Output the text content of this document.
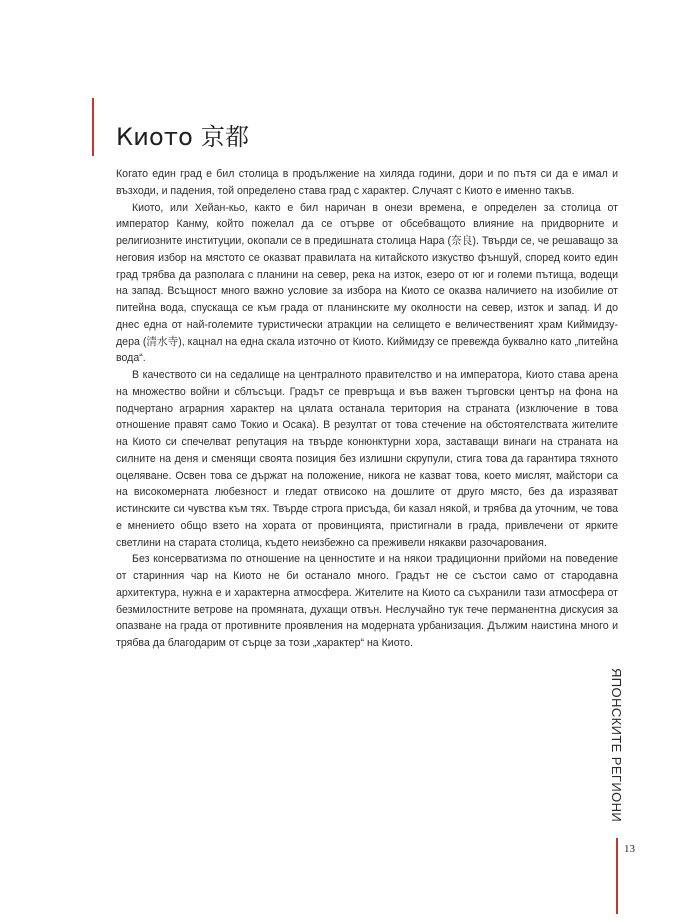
Киото 京都

Когато един град е бил столица в продължение на хиляда години, дори и по пътя си да е имал и възходи, и падения, той определено става град с характер. Случаят с Киото е именно такъв.

Киото, или Хейан-кьо, както е бил наричан в онези времена, е определен за столица от император Канму, който пожелал да се отърве от обсебващото влияние на придворните и религиозните институции, окопали се в предишната столица Нара (奈良). Твърди се, че решаващо за неговия избор на мястото се оказват правилата на китайското изкуство фъншуй, според които един град трябва да разполага с планини на север, река на изток, езеро от юг и големи пътища, водещи на запад. Всъщност много важно условие за избора на Киото се оказва наличието на изобилие от питейна вода, спускаща се към града от планинските му околности на север, изток и запад. И до днес една от най-големите туристически атракции на селището е величественият храм Киймидзу-дера (清水寺), кацнал на една скала източно от Киото. Киймидзу се превежда буквално като „питейна вода“.

В качеството си на седалище на централното правителство и на императора, Киото става арена на множество войни и сблъсъци. Градът се превръща и във важен търговски център на фона на подчертано аграрния характер на цялата останала територия на страната (изключение в това отношение правят само Токио и Осака). В резултат от това стечение на обстоятелствата жителите на Киото си спечелват репутация на твърде конюнктурни хора, заставащи винаги на страната на силните на деня и сменящи своята позиция без излишни скрупули, стига това да гарантира тяхното оцеляване. Освен това се държат на положение, никога не казват това, което мислят, майстори са на високомерната любезност и гледат отвисоко на дошлите от друго място, без да изразяват истинските си чувства към тях. Твърде строга присъда, би казал някой, и трябва да уточним, че това е мнението общо взето на хората от провинцията, пристигнали в града, привлечени от ярките светлини на старата столица, където неизбежно са преживели някакви разочарования.

Без консерватизма по отношение на ценностите и на някои традиционни прийоми на поведение от старинния чар на Киото не би останало много. Градът не се състои само от стародавна архитектура, нужна е и характерна атмосфера. Жителите на Киото са съхранили тази атмосфера от безмилостните ветрове на промяната, духащи отвън. Неслучайно тук тече перманентна дискусия за опазване на града от противните проявления на модерната урбанизация. Дължим наистина много и трябва да благодарим от сърце за този „характер“ на Киото.

ЯПОНСКИТЕ РЕГИОНИ
13
